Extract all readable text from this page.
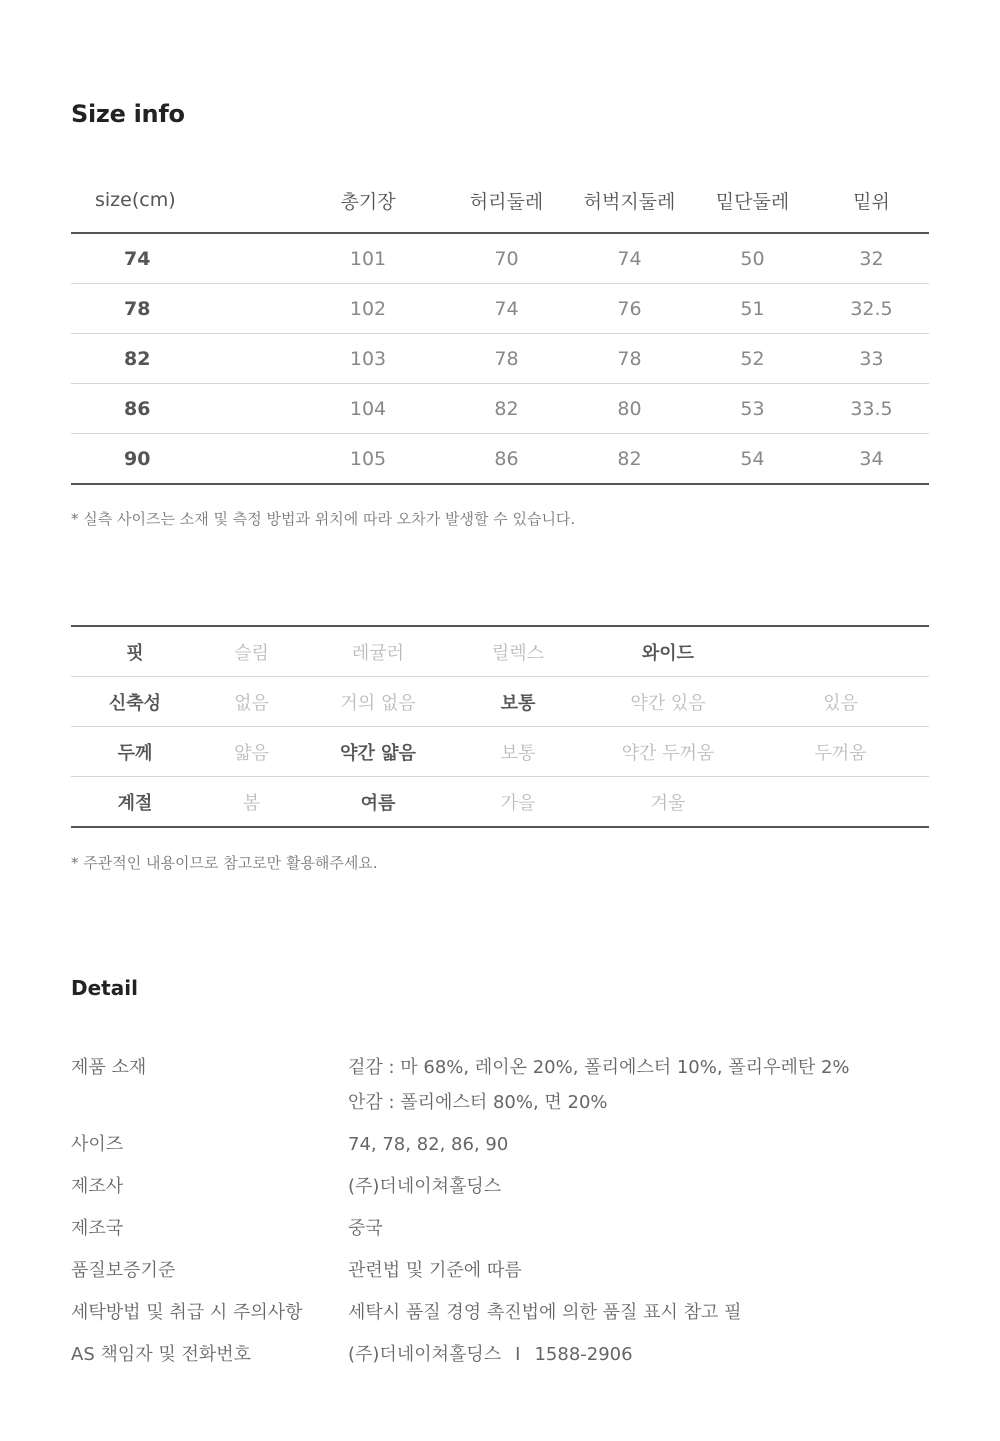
Size info
size(cm)	총기장	허리둘레	허벅지둘레	밑단둘레	밑위
74	101	70	74	50	32
78	102	74	76	51	32.5
82	103	78	78	52	33
86	104	82	80	53	33.5
90	105	86	82	54	34

* 실측 사이즈는 소재 및 측정 방법과 위치에 따라 오차가 발생할 수 있습니다.

핏	슬림	레귤러	릴렉스	와이드	
신축성	없음	거의 없음	보통	약간 있음	있음
두께	얇음	약간 얇음	보통	약간 두꺼움	두꺼움
계절	봄	여름	가을	겨울	

* 주관적인 내용이므로 참고로만 활용해주세요.

Detail
제품 소재	겉감 : 마 68%, 레이온 20%, 폴리에스터 10%, 폴리우레탄 2%
안감 : 폴리에스터 80%, 면 20%
사이즈	74, 78, 82, 86, 90
제조사	(주)더네이쳐홀딩스
제조국	중국
품질보증기준	관련법 및 기준에 따름
세탁방법 및 취급 시 주의사항	세탁시 품질 경영 촉진법에 의한 품질 표시 참고 필
AS 책임자 및 전화번호	(주)더네이쳐홀딩스 I 1588-2906
